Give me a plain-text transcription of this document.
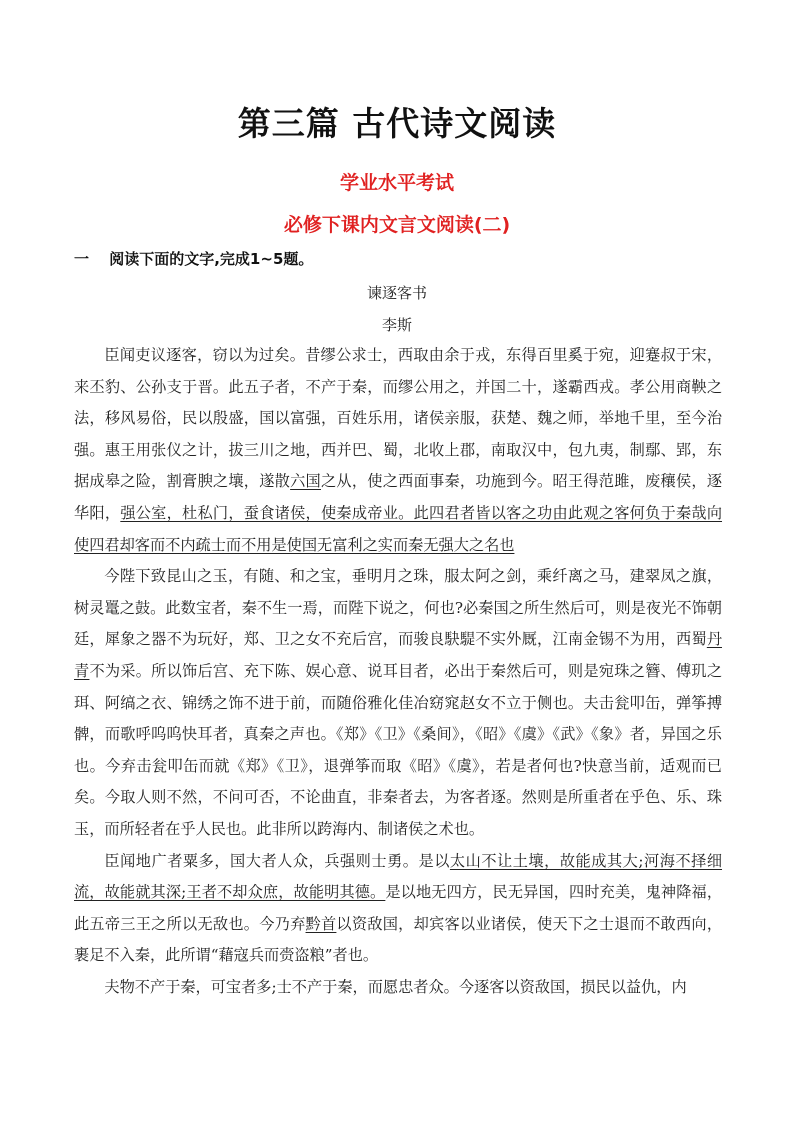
第三篇 古代诗文阅读
学业水平考试
必修下课内文言文阅读(二)
一 阅读下面的文字,完成1~5题。
谏逐客书
李斯

臣闻吏议逐客，窃以为过矣。昔缪公求士，西取由余于戎，东得百里奚于宛，迎蹇叔于宋，来丕豹、公孙支于晋。此五子者，不产于秦，而缪公用之，并国二十，遂霸西戎。孝公用商鞅之法，移风易俗，民以殷盛，国以富强，百姓乐用，诸侯亲服，获楚、魏之师，举地千里，至今治强。惠王用张仪之计，拔三川之地，西并巴、蜀，北收上郡，南取汉中，包九夷，制鄢、郢，东据成皋之险，割膏腴之壤，遂散六国之从，使之西面事秦，功施到今。昭王得范雎，废穰侯，逐华阳，强公室，杜私门，蚕食诸侯，使秦成帝业。此四君者皆以客之功由此观之客何负于秦哉向使四君却客而不内疏士而不用是使国无富利之实而秦无强大之名也

今陛下致昆山之玉，有随、和之宝，垂明月之珠，服太阿之剑，乘纤离之马，建翠凤之旗，树灵鼍之鼓。此数宝者，秦不生一焉，而陛下说之，何也?必秦国之所生然后可，则是夜光不饰朝廷，犀象之器不为玩好，郑、卫之女不充后宫，而骏良駃騠不实外厩，江南金锡不为用，西蜀丹青不为采。所以饰后宫、充下陈、娱心意、说耳目者，必出于秦然后可，则是宛珠之簪、傅玑之珥、阿缟之衣、锦绣之饰不进于前，而随俗雅化佳冶窈窕赵女不立于侧也。夫击瓮叩缶，弹筝搏髀，而歌呼呜呜快耳者，真秦之声也。《郑》《卫》《桑间》，《昭》《虞》《武》《象》者，异国之乐也。今弃击瓮叩缶而就《郑》《卫》，退弹筝而取《昭》《虞》，若是者何也?快意当前，适观而已矣。今取人则不然，不问可否，不论曲直，非秦者去，为客者逐。然则是所重者在乎色、乐、珠玉，而所轻者在乎人民也。此非所以跨海内、制诸侯之术也。

臣闻地广者粟多，国大者人众，兵强则士勇。是以太山不让土壤，故能成其大;河海不择细流，故能就其深;王者不却众庶，故能明其德。是以地无四方，民无异国，四时充美，鬼神降福，此五帝三王之所以无敌也。今乃弃黔首以资敌国，却宾客以业诸侯，使天下之士退而不敢西向，裹足不入秦，此所谓“藉寇兵而赍盗粮”者也。

夫物不产于秦，可宝者多;士不产于秦，而愿忠者众。今逐客以资敌国，损民以益仇，内
